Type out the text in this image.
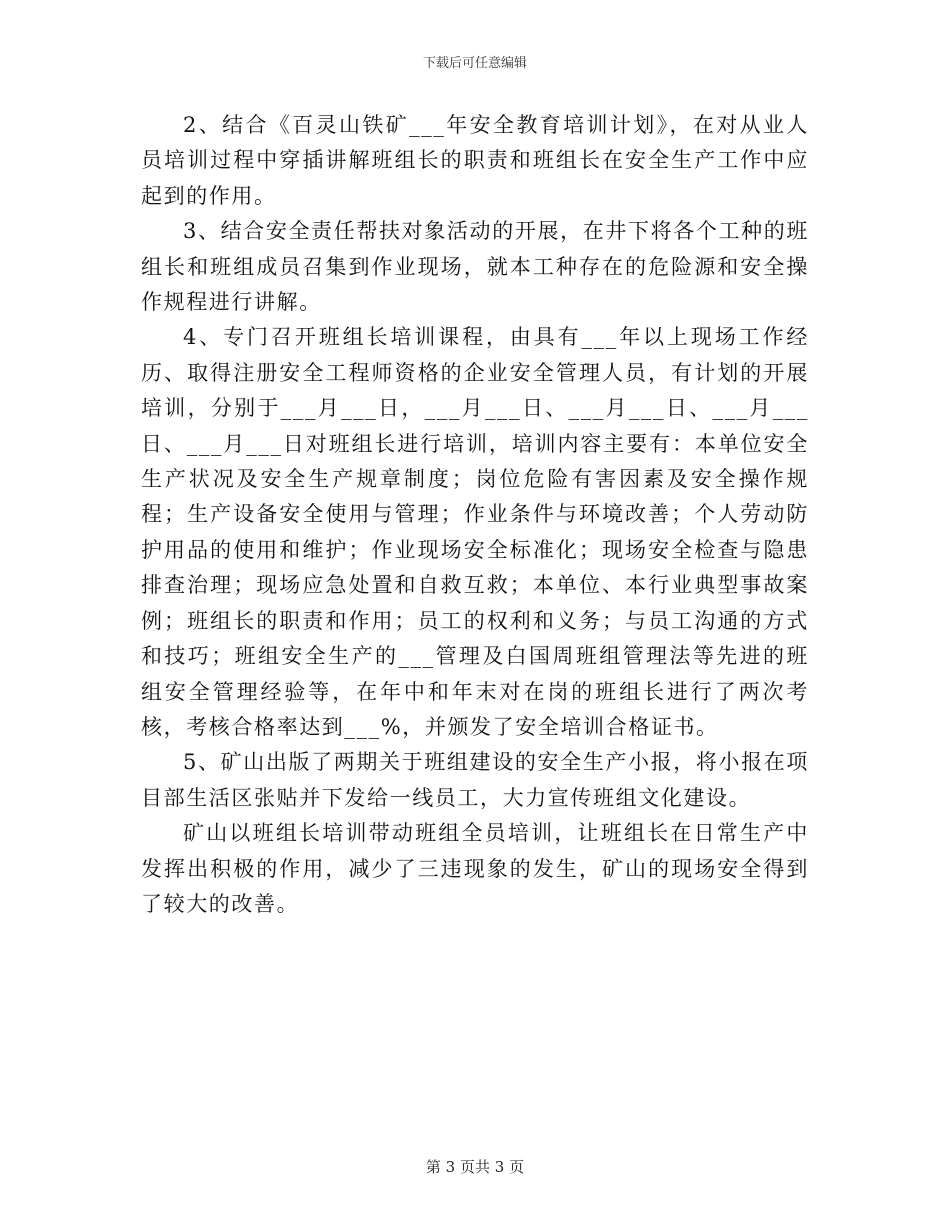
下载后可任意编辑

2、结合《百灵山铁矿___年安全教育培训计划》，在对从业人员培训过程中穿插讲解班组长的职责和班组长在安全生产工作中应起到的作用。

3、结合安全责任帮扶对象活动的开展，在井下将各个工种的班组长和班组成员召集到作业现场，就本工种存在的危险源和安全操作规程进行讲解。

4、专门召开班组长培训课程，由具有___年以上现场工作经历、取得注册安全工程师资格的企业安全管理人员，有计划的开展培训，分别于___月___日，___月___日、___月___日、___月___日、___月___日对班组长进行培训，培训内容主要有：本单位安全生产状况及安全生产规章制度；岗位危险有害因素及安全操作规程；生产设备安全使用与管理；作业条件与环境改善；个人劳动防护用品的使用和维护；作业现场安全标准化；现场安全检查与隐患排查治理；现场应急处置和自救互救；本单位、本行业典型事故案例；班组长的职责和作用；员工的权利和义务；与员工沟通的方式和技巧；班组安全生产的___管理及白国周班组管理法等先进的班组安全管理经验等，在年中和年末对在岗的班组长进行了两次考核，考核合格率达到___%，并颁发了安全培训合格证书。

5、矿山出版了两期关于班组建设的安全生产小报，将小报在项目部生活区张贴并下发给一线员工，大力宣传班组文化建设。

矿山以班组长培训带动班组全员培训，让班组长在日常生产中发挥出积极的作用，减少了三违现象的发生，矿山的现场安全得到了较大的改善。

第 3 页共 3 页
